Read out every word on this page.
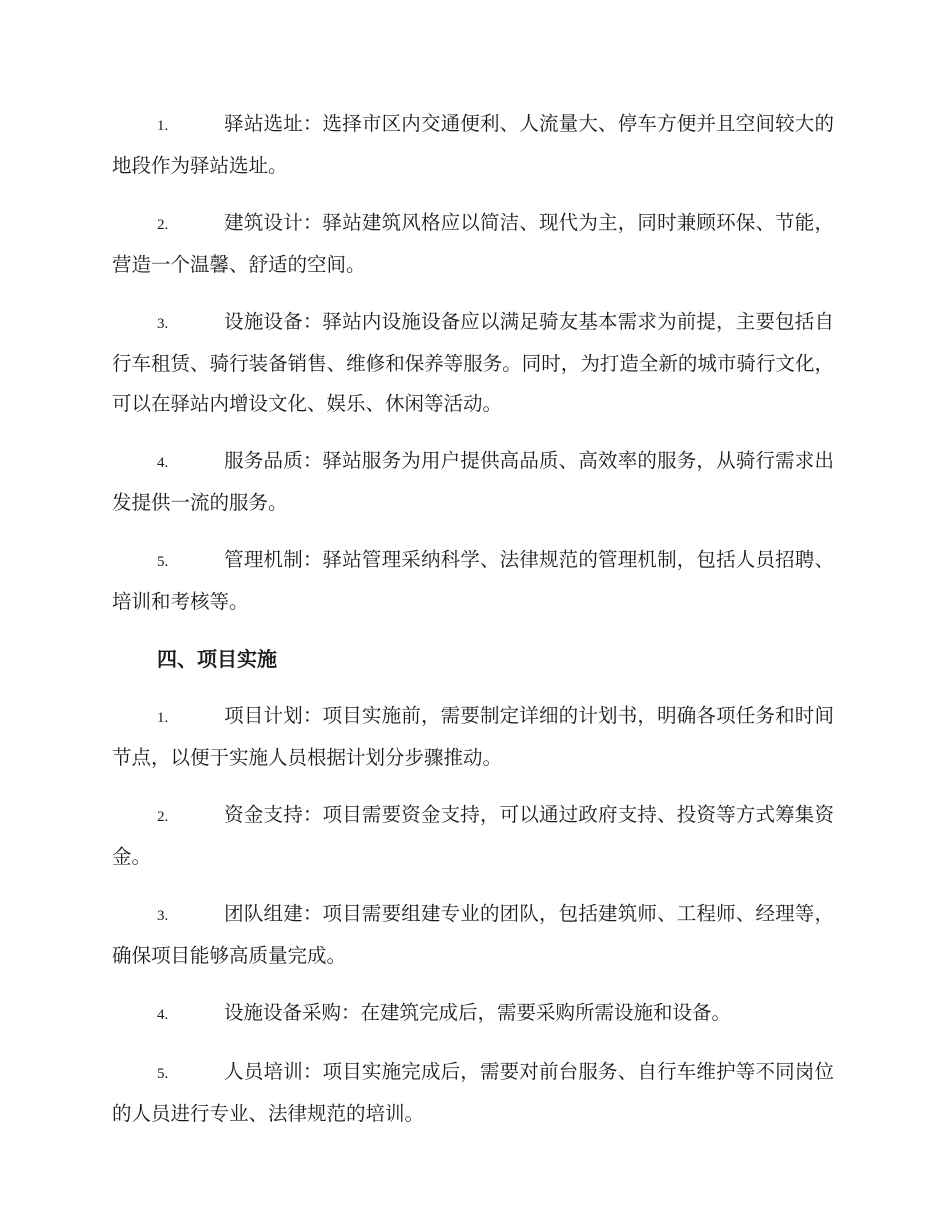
1.	驿站选址：选择市区内交通便利、人流量大、停车方便并且空间较大的地段作为驿站选址。
2.	建筑设计：驿站建筑风格应以简洁、现代为主，同时兼顾环保、节能，营造一个温馨、舒适的空间。
3.	设施设备：驿站内设施设备应以满足骑友基本需求为前提，主要包括自行车租赁、骑行装备销售、维修和保养等服务。同时，为打造全新的城市骑行文化，可以在驿站内增设文化、娱乐、休闲等活动。
4.	服务品质：驿站服务为用户提供高品质、高效率的服务，从骑行需求出发提供一流的服务。
5.	管理机制：驿站管理采纳科学、法律规范的管理机制，包括人员招聘、培训和考核等。
四、项目实施
1.	项目计划：项目实施前，需要制定详细的计划书，明确各项任务和时间节点，以便于实施人员根据计划分步骤推动。
2.	资金支持：项目需要资金支持，可以通过政府支持、投资等方式筹集资金。
3.	团队组建：项目需要组建专业的团队，包括建筑师、工程师、经理等，确保项目能够高质量完成。
4.	设施设备采购：在建筑完成后，需要采购所需设施和设备。
5.	人员培训：项目实施完成后，需要对前台服务、自行车维护等不同岗位的人员进行专业、法律规范的培训。
